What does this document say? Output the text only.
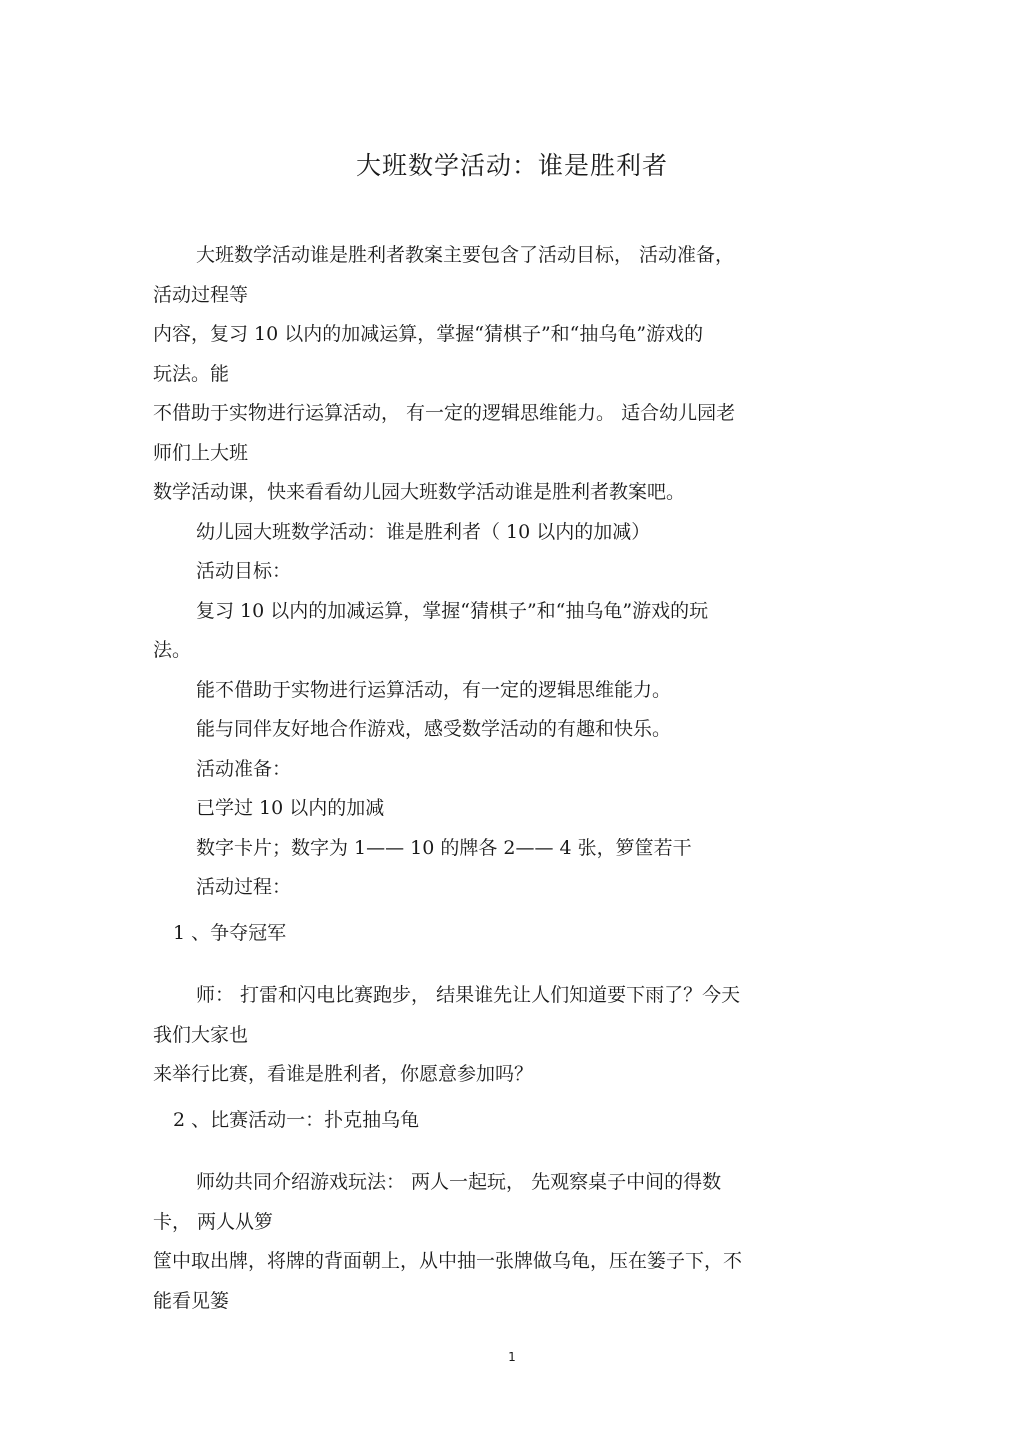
大班数学活动：谁是胜利者
大班数学活动谁是胜利者教案主要包含了活动目标， 活动准备，
活动过程等
内容，复习 10 以内的加减运算，掌握“猜棋子”和“抽乌龟”游戏的
玩法。能
不借助于实物进行运算活动， 有一定的逻辑思维能力。 适合幼儿园老
师们上大班
数学活动课，快来看看幼儿园大班数学活动谁是胜利者教案吧。
幼儿园大班数学活动：谁是胜利者（ 10 以内的加减）
活动目标：
复习 10 以内的加减运算，掌握“猜棋子”和“抽乌龟”游戏的玩
法。
能不借助于实物进行运算活动，有一定的逻辑思维能力。
能与同伴友好地合作游戏，感受数学活动的有趣和快乐。
活动准备：
已学过 10 以内的加减
数字卡片；数字为 1—— 10 的牌各 2—— 4 张，箩筐若干
活动过程：
1 、争夺冠军
师： 打雷和闪电比赛跑步， 结果谁先让人们知道要下雨了？今天
我们大家也
来举行比赛，看谁是胜利者，你愿意参加吗？
2 、比赛活动一：扑克抽乌龟
师幼共同介绍游戏玩法： 两人一起玩， 先观察桌子中间的得数
卡， 两人从箩
筐中取出牌，将牌的背面朝上，从中抽一张牌做乌龟，压在篓子下，不
能看见篓
1
